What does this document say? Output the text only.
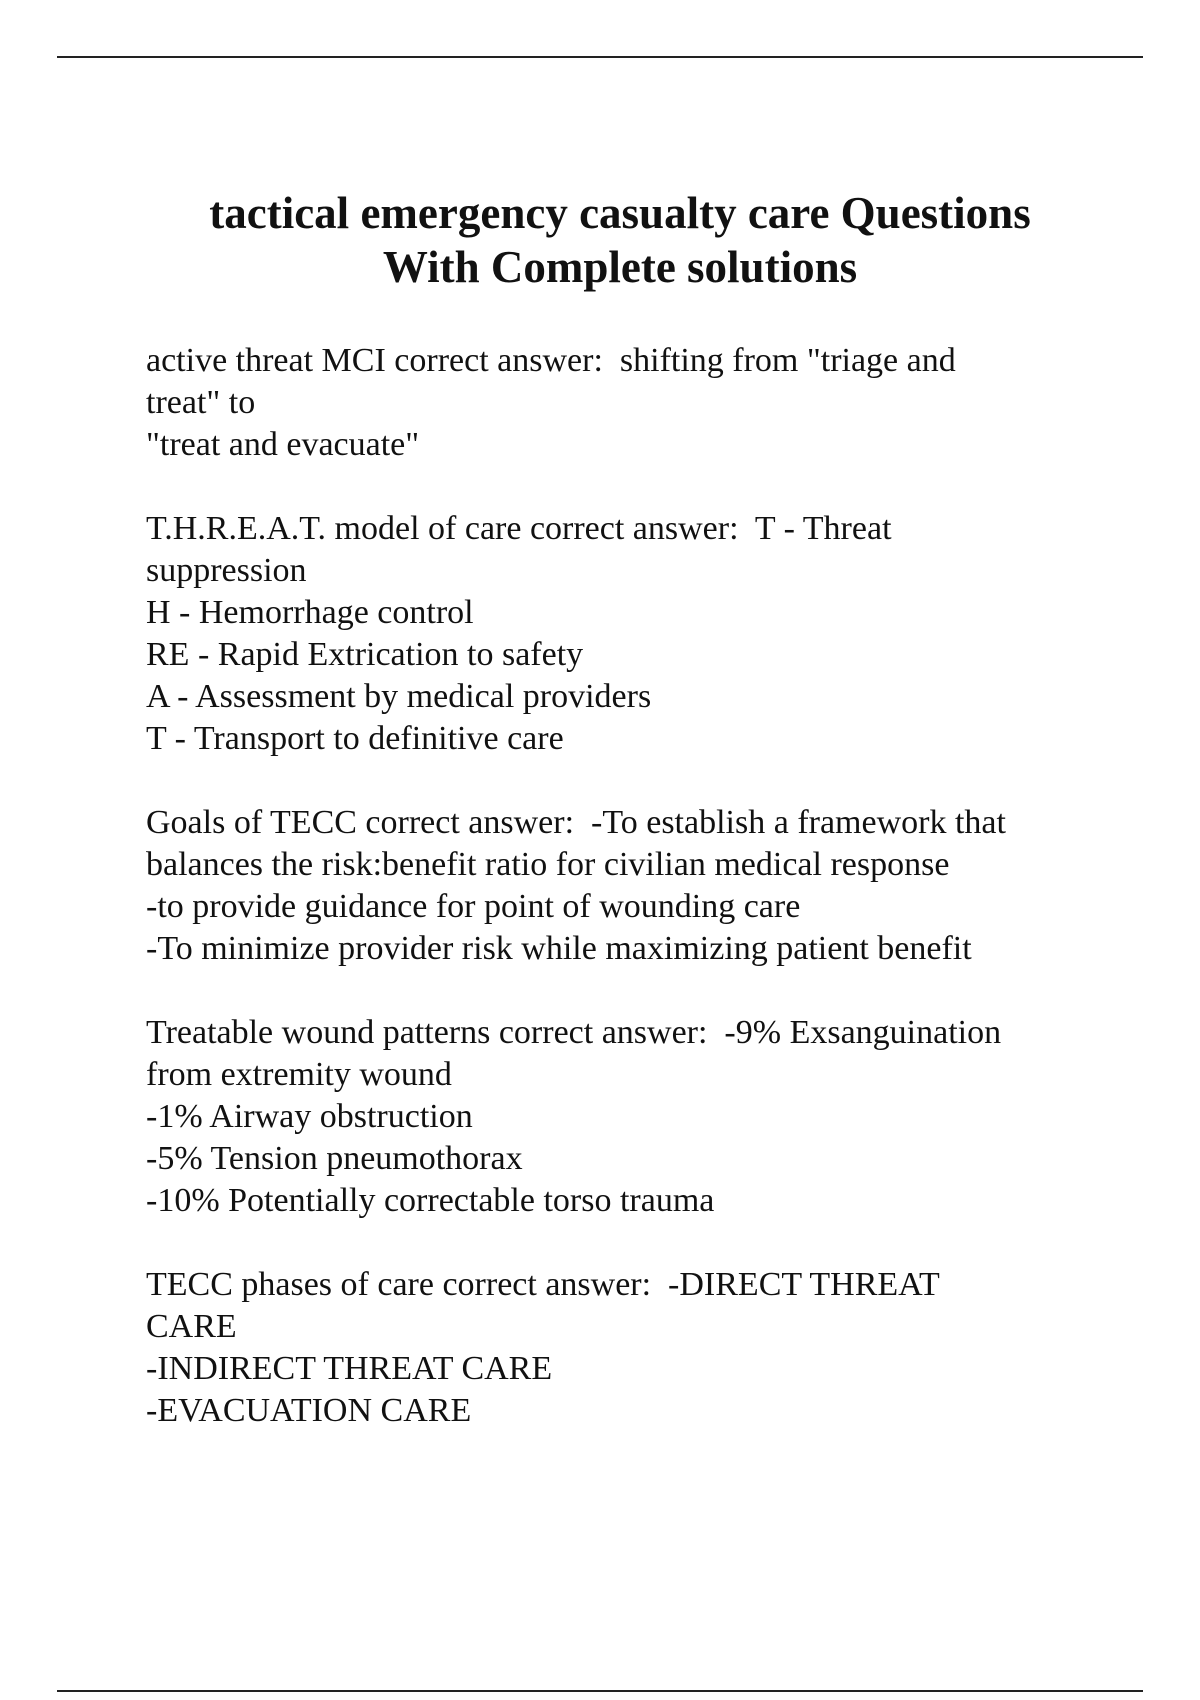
tactical emergency casualty care Questions
With Complete solutions
active threat MCI correct answer:  shifting from "triage and
treat" to
"treat and evacuate"
T.H.R.E.A.T. model of care correct answer:  T - Threat
suppression
H - Hemorrhage control
RE - Rapid Extrication to safety
A - Assessment by medical providers
T - Transport to definitive care
Goals of TECC correct answer:  -To establish a framework that
balances the risk:benefit ratio for civilian medical response
-to provide guidance for point of wounding care
-To minimize provider risk while maximizing patient benefit
Treatable wound patterns correct answer:  -9% Exsanguination
from extremity wound
-1% Airway obstruction
-5% Tension pneumothorax
-10% Potentially correctable torso trauma
TECC phases of care correct answer:  -DIRECT THREAT
CARE
-INDIRECT THREAT CARE
-EVACUATION CARE
